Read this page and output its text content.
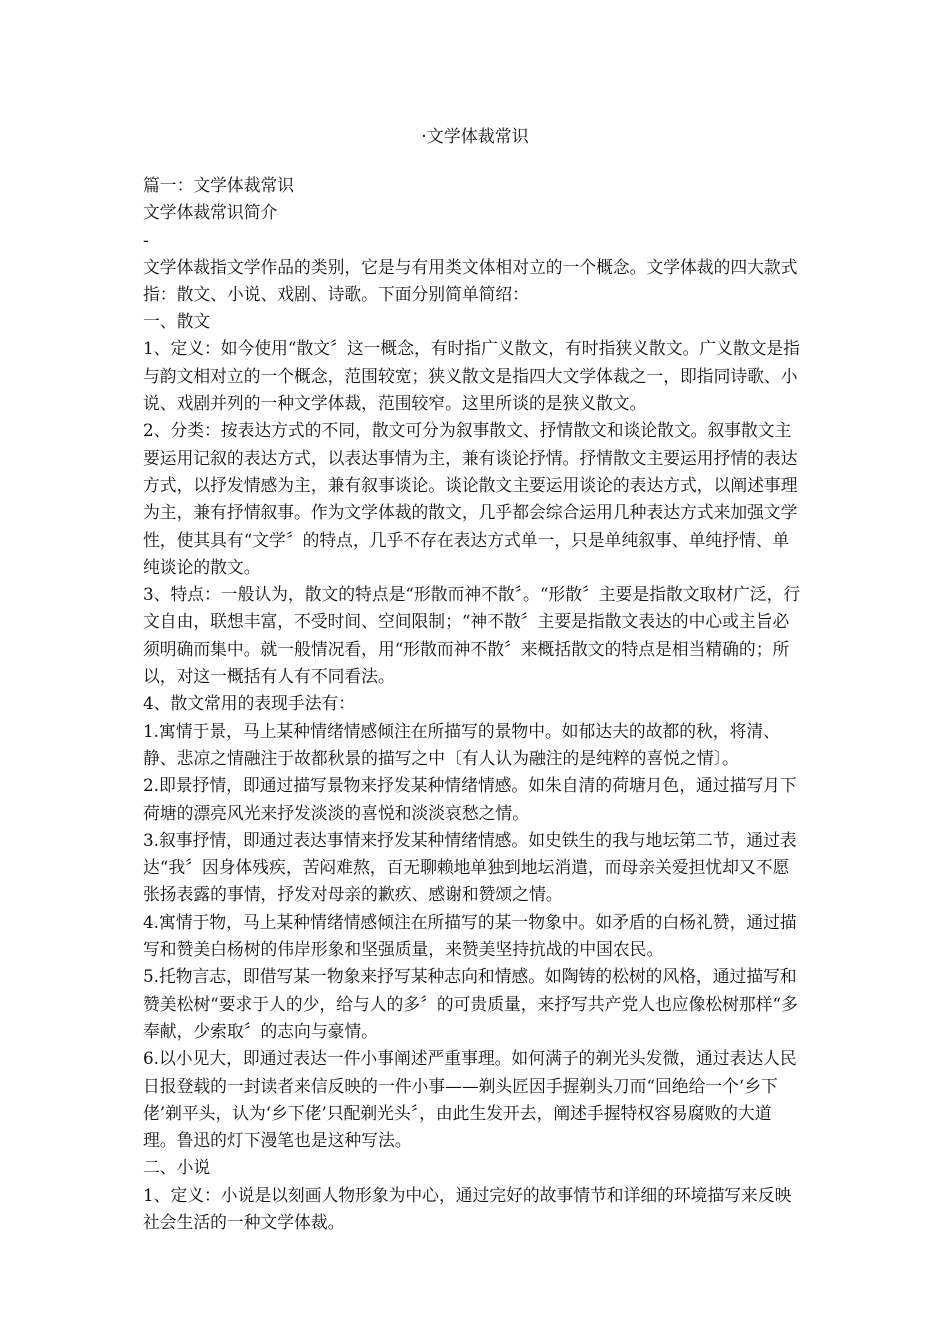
·文学体裁常识

篇一：文学体裁常识

文学体裁常识简介

-

文学体裁指文学作品的类别，它是与有用类文体相对立的一个概念。文学体裁的四大款式指：散文、小说、戏剧、诗歌。下面分别简单简绍：

一、散文

1、定义：如今使用“散文〞这一概念，有时指广义散文，有时指狭义散文。广义散文是指与韵文相对立的一个概念，范围较宽；狭义散文是指四大文学体裁之一，即指同诗歌、小说、戏剧并列的一种文学体裁，范围较窄。这里所谈的是狭义散文。

2、分类：按表达方式的不同，散文可分为叙事散文、抒情散文和谈论散文。叙事散文主要运用记叙的表达方式，以表达事情为主，兼有谈论抒情。抒情散文主要运用抒情的表达方式，以抒发情感为主，兼有叙事谈论。谈论散文主要运用谈论的表达方式，以阐述事理为主，兼有抒情叙事。作为文学体裁的散文，几乎都会综合运用几种表达方式来加强文学性，使其具有“文学〞的特点，几乎不存在表达方式单一，只是单纯叙事、单纯抒情、单纯谈论的散文。

3、特点：一般认为，散文的特点是“形散而神不散〞。“形散〞主要是指散文取材广泛，行文自由，联想丰富，不受时间、空间限制；“神不散〞主要是指散文表达的中心或主旨必须明确而集中。就一般情况看，用“形散而神不散〞来概括散文的特点是相当精确的；所以，对这一概括有人有不同看法。

4、散文常用的表现手法有：

1.寓情于景，马上某种情绪情感倾注在所描写的景物中。如郁达夫的故都的秋，将清、静、悲凉之情融注于故都秋景的描写之中〔有人认为融注的是纯粹的喜悦之情〕。

2.即景抒情，即通过描写景物来抒发某种情绪情感。如朱自清的荷塘月色，通过描写月下荷塘的漂亮风光来抒发淡淡的喜悦和淡淡哀愁之情。

3.叙事抒情，即通过表达事情来抒发某种情绪情感。如史铁生的我与地坛第二节，通过表达“我〞因身体残疾，苦闷难熬，百无聊赖地单独到地坛消遣，而母亲关爱担忧却又不愿张扬表露的事情，抒发对母亲的歉疚、感谢和赞颂之情。

4.寓情于物，马上某种情绪情感倾注在所描写的某一物象中。如矛盾的白杨礼赞，通过描写和赞美白杨树的伟岸形象和坚强质量，来赞美坚持抗战的中国农民。

5.托物言志，即借写某一物象来抒写某种志向和情感。如陶铸的松树的风格，通过描写和赞美松树“要求于人的少，给与人的多〞的可贵质量，来抒写共产党人也应像松树那样“多奉献，少索取〞的志向与豪情。

6.以小见大，即通过表达一件小事阐述严重事理。如何满子的剃光头发微，通过表达人民日报登载的一封读者来信反映的一件小事——剃头匠因手握剃头刀而“回绝给一个‘乡下佬’剃平头，认为‘乡下佬’只配剃光头〞，由此生发开去，阐述手握特权容易腐败的大道理。鲁迅的灯下漫笔也是这种写法。

二、小说

1、定义：小说是以刻画人物形象为中心，通过完好的故事情节和详细的环境描写来反映社会生活的一种文学体裁。
